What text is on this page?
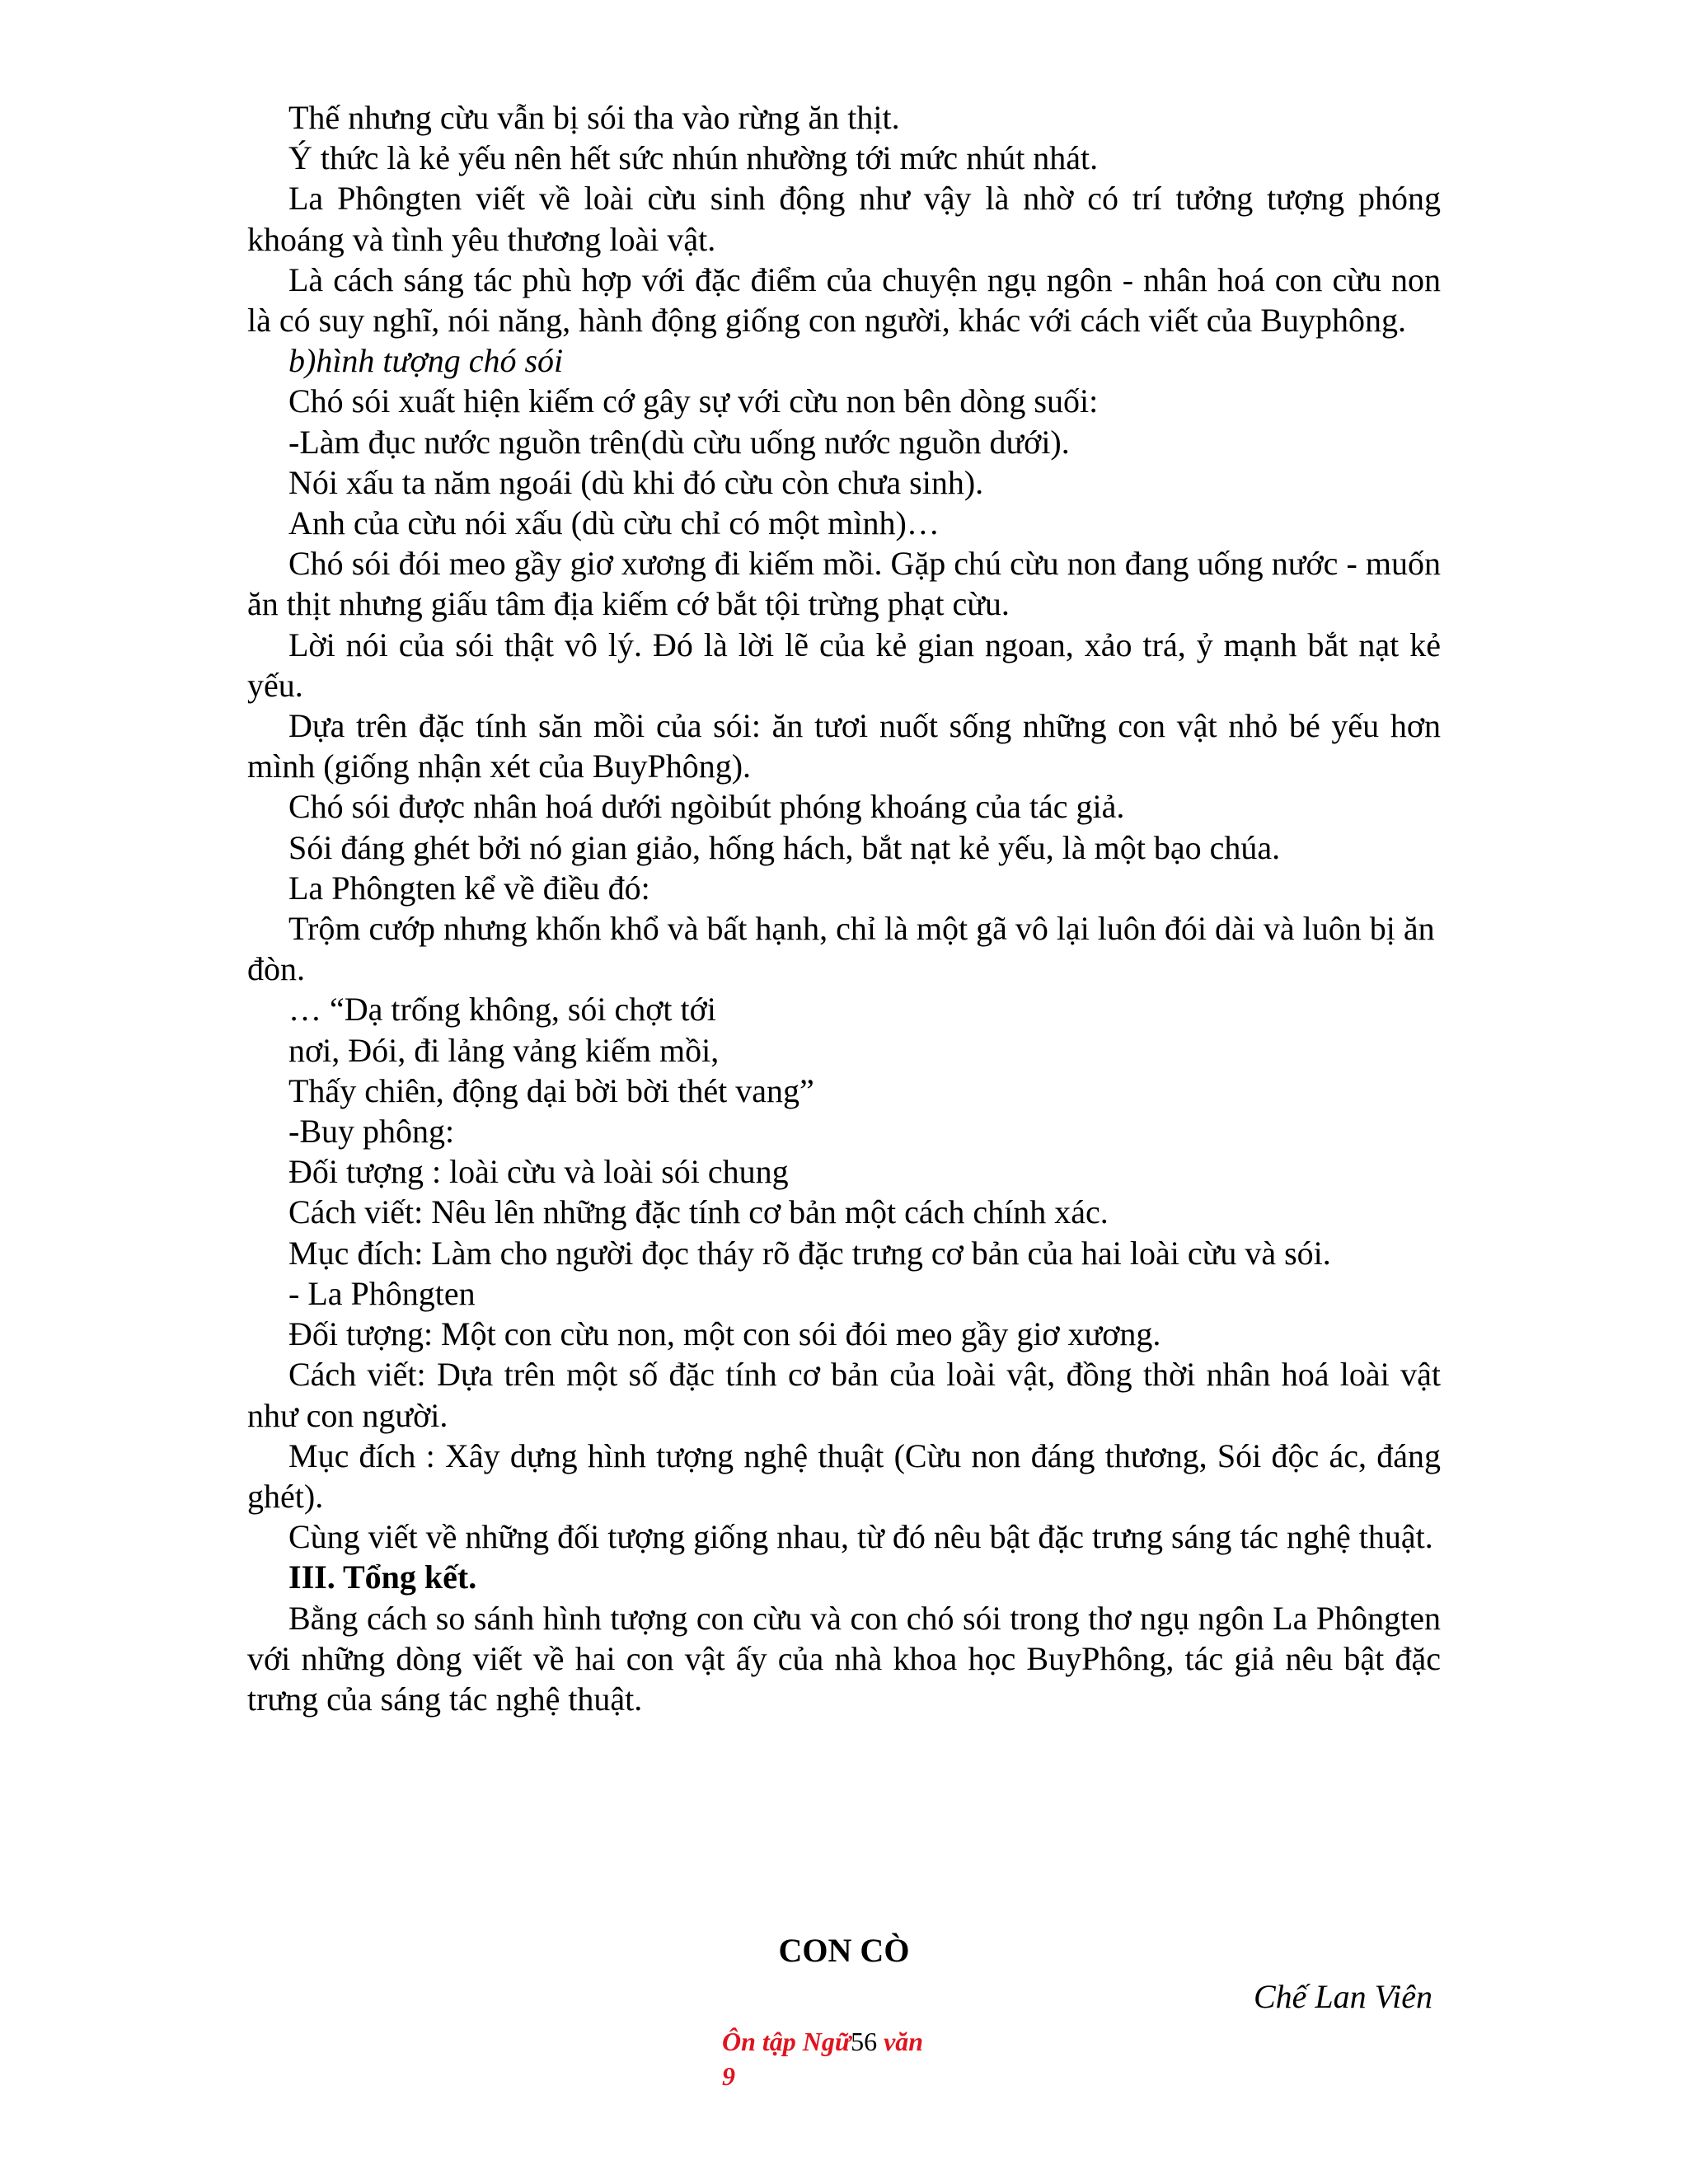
Thế nhưng cừu vẫn bị sói tha vào rừng ăn thịt.

Ý thức là kẻ yếu nên hết sức nhún nhường tới mức nhút nhát.

La Phôngten viết về loài cừu sinh động như vậy là nhờ có trí tưởng tượng phóng khoáng và tình yêu thương loài vật.

Là cách sáng tác phù hợp với đặc điểm của chuyện ngụ ngôn - nhân hoá con cừu non là có suy nghĩ, nói năng, hành động giống con người, khác với cách viết của Buyphông.

b)hình tượng chó sói

Chó sói xuất hiện kiếm cớ gây sự với cừu non bên dòng suối:

-Làm đục nước nguồn trên(dù cừu uống nước nguồn dưới).

Nói xấu ta năm ngoái (dù khi đó cừu còn chưa sinh).

Anh của cừu nói xấu (dù cừu chỉ có một mình)…

Chó sói đói meo gầy giơ xương đi kiếm mồi. Gặp chú cừu non đang uống nước - muốn ăn thịt nhưng giấu tâm địa kiếm cớ bắt tội trừng phạt cừu.

Lời nói của sói thật vô lý. Đó là lời lẽ của kẻ gian ngoan, xảo trá, ỷ mạnh bắt nạt kẻ yếu.

Dựa trên đặc tính săn mồi của sói: ăn tươi nuốt sống những con vật nhỏ bé yếu hơn mình (giống nhận xét của BuyPhông).

Chó sói được nhân hoá dưới ngòibút phóng khoáng của tác giả.

Sói đáng ghét bởi nó gian giảo, hống hách, bắt nạt kẻ yếu, là một bạo chúa.

La Phôngten kể về điều đó:

Trộm cướp nhưng khốn khổ và bất hạnh, chỉ là một gã vô lại luôn đói dài và luôn bị ăn đòn.

… “Dạ trống không, sói chợt tới

nơi, Đói, đi lảng vảng kiếm mồi,

Thấy chiên, động dại bời bời thét vang”

-Buy phông:

Đối tượng : loài cừu và loài sói chung

Cách viết: Nêu lên những đặc tính cơ bản một cách chính xác.

Mục đích: Làm cho người đọc tháy rõ đặc trưng cơ bản của hai loài cừu và sói.

- La Phôngten

Đối tượng: Một con cừu non, một con sói đói meo gầy giơ xương.

Cách viết: Dựa trên một số đặc tính cơ bản của loài vật, đồng thời nhân hoá loài vật như con người.

Mục đích : Xây dựng hình tượng nghệ thuật (Cừu non đáng thương, Sói độc ác, đáng ghét).

Cùng viết về những đối tượng giống nhau, từ đó nêu bật đặc trưng sáng tác nghệ thuật.

III. Tổng kết.

Bằng cách so sánh hình tượng con cừu và con chó sói trong thơ ngụ ngôn La Phôngten với những dòng viết về hai con vật ấy của nhà khoa học BuyPhông, tác giả nêu bật đặc trưng của sáng tác nghệ thuật.

CON CÒ
Chế Lan Viên
Ôn tập Ngữ56 văn
9
